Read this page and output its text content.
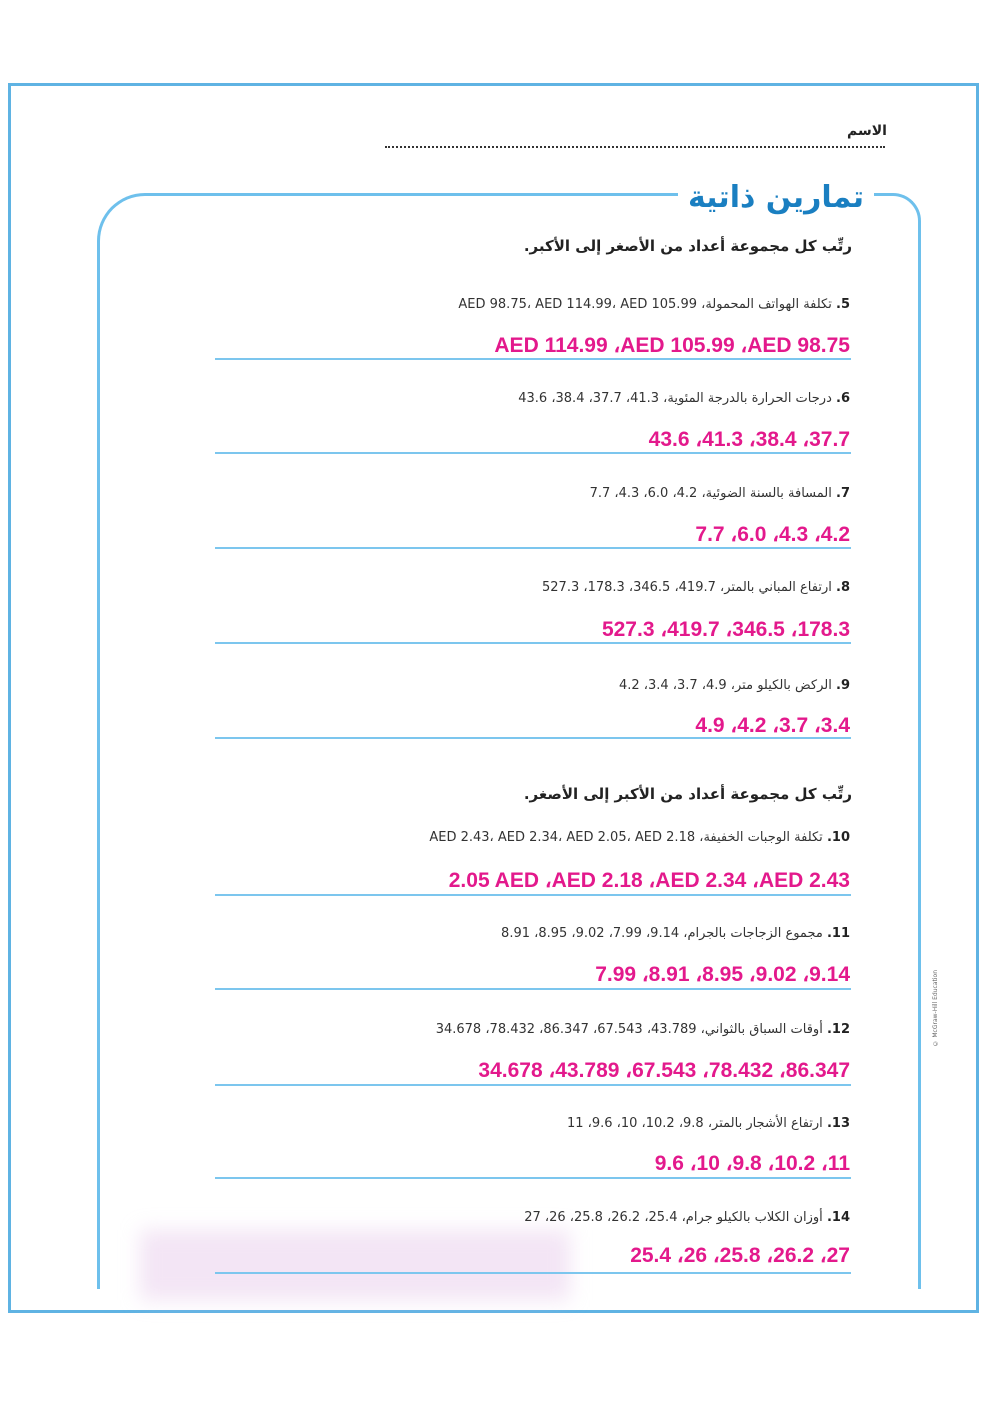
الاسم
تمارين ذاتية
رتِّب كل مجموعة أعداد من الأصغر إلى الأكبر.
5. تكلفة الهواتف المحمولة، AED 98.75، AED 114.99، AED 105.99
AED 114.99 ،AED 105.99 ،AED 98.75
6. درجات الحرارة بالدرجة المئوية، 41.3، 37.7، 38.4، 43.6
43.6 ،41.3 ،38.4 ،37.7
7. المسافة بالسنة الضوئية، 4.2، 6.0، 4.3، 7.7
7.7 ،6.0 ،4.3 ،4.2
8. ارتفاع المباني بالمتر، 419.7، 346.5، 178.3، 527.3
527.3 ،419.7 ،346.5 ،178.3
9. الركض بالكيلو متر، 4.9، 3.7، 3.4، 4.2
4.9 ،4.2 ،3.7 ،3.4
رتِّب كل مجموعة أعداد من الأكبر إلى الأصغر.
10. تكلفة الوجبات الخفيفة، AED 2.43، AED 2.34، AED 2.05، AED 2.18
2.05 AED ،AED 2.18 ،AED 2.34 ،AED 2.43
11. مجموع الزجاجات بالجرام، 9.14، 7.99، 9.02، 8.95، 8.91
7.99 ،8.91 ،8.95 ،9.02 ،9.14
12. أوقات السباق بالثواني، 43.789، 67.543، 86.347، 78.432، 34.678
34.678 ،43.789 ،67.543 ،78.432 ،86.347
13. ارتفاع الأشجار بالمتر، 9.8، 10.2، 10، 9.6، 11
9.6 ،10 ،9.8 ،10.2 ،11
14. أوزان الكلاب بالكيلو جرام، 25.4، 26.2، 25.8، 26، 27
25.4 ،26 ،25.8 ،26.2 ،27
© McGraw-Hill Education
